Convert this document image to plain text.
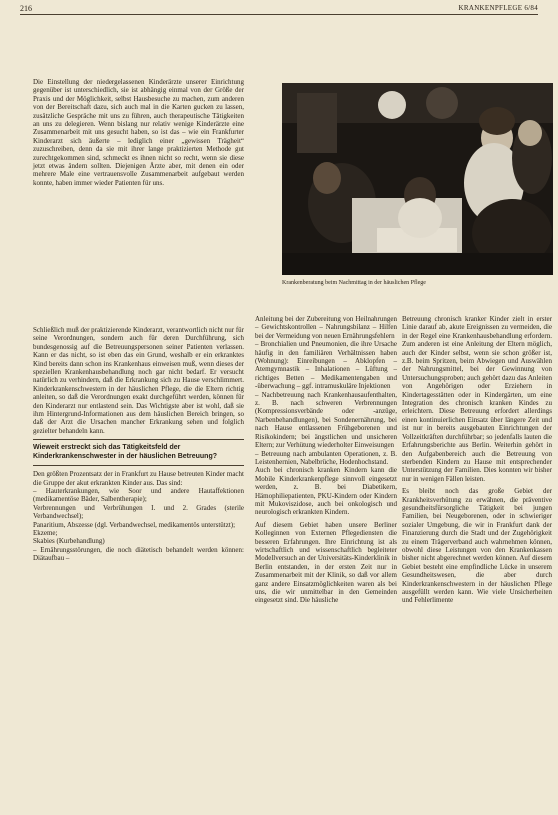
216	KRANKENPFLEGE 6/84

Die Einstellung der niedergelassenen Kinderärzte unserer Einrichtung gegenüber ist unterschiedlich, sie ist abhängig einmal von der Größe der Praxis und der Möglichkeit, selbst Hausbesuche zu machen, zum anderen von der Bereitschaft dazu, sich auch mal in die Karten gucken zu lassen, zusätzliche Gespräche mit uns zu führen, auch therapeutische Tätigkeiten an uns zu delegieren. Wenn bislang nur relativ wenige Kinderärzte eine Zusammenarbeit mit uns gesucht haben, so ist das – wie ein Frankfurter Kinderarzt sich äußerte – lediglich einer „gewissen Trägheit“ zuzuschreiben, denn da sie mit ihrer lange praktizierten Methode gut zurechtgekommen sind, schmeckt es ihnen nicht so recht, wenn sie diese jetzt etwas ändern sollten. Diejenigen Ärzte aber, mit denen ein oder mehrere Male eine vertrauensvolle Zusammenarbeit aufgebaut werden konnte, haben immer wieder Patienten für uns.

Krankenberatung beim Nachmittag in der häuslichen Pflege

Schließlich muß der praktizierende Kinderarzt, verantwortlich nicht nur für seine Verordnungen, sondern auch für deren Durchführung, sich bundesgenossig auf die Betreuungspersonen seiner Patienten verlassen. Kann er das nicht, so ist eben das ein Grund, weshalb er ein erkranktes Kind bereits dann schon ins Krankenhaus einweisen muß, wenn dieses der speziellen Krankenhausbehandlung noch gar nicht bedarf. Er versucht natürlich zu verhindern, daß die Erkrankung sich zu Hause verschlimmert. Kinderkrankenschwestern in der häuslichen Pflege, die die Eltern richtig anleiten, so daß die Verordnungen exakt durchgeführt werden, können für den Kinderarzt nur entlastend sein. Das Wichtigste aber ist wohl, daß sie ihm Hintergrund-Informationen aus dem häuslichen Bereich bringen, so daß der Arzt die Ursachen mancher Erkrankung sehen und folglich gezielter behandeln kann.

Wieweit erstreckt sich das Tätigkeitsfeld der Kinderkrankenschwester in der häuslichen Betreuung?

Den größten Prozentsatz der in Frankfurt zu Hause betreuten Kinder macht die Gruppe der akut erkrankten Kinder aus. Das sind:

– Hauterkrankungen, wie Soor und andere Hautaffektionen (medikamentöse Bäder, Salbentherapie);
Verbrennungen und Verbrühungen I. und 2. Grades (sterile Verbandwechsel);
Panaritium, Abszesse (dgl. Verbandwechsel, medikamentös unterstützt);
Ekzeme;
Skabies (Kurbehandlung)
– Ernährungsstörungen, die noch diätetisch behandelt werden können: Diätaufbau –

Anleitung bei der Zubereitung von Heilnahrungen – Gewichtskontrollen – Nahrungsbilanz – Hilfen bei der Vermeidung von neuen Ernährungsfehlern

– Bronchialien und Pneumonien, die ihre Ursache häufig in den familiären Verhältnissen haben (Wohnung): Einreibungen – Abklopfen – Atemgymnastik – Inhalationen – Lüftung – richtiges Betten – Medikamentengaben und -überwachung – ggf. intramuskuläre Injektionen

– Nachbetreuung nach Krankenhausaufenthalten, z. B. nach schweren Verbrennungen (Kompressionsverbände oder -anzüge, Narbenbehandlungen), bei Sondenernährung, bei nach Hause entlassenen Frühgeborenen und Risikokindern; bei ängstlichen und unsicheren Eltern; zur Verhütung wiederholter Einweisungen

– Betreuung nach ambulanten Operationen, z. B. Leistenhernien, Nabelbrüche, Hodenhochstand.

Auch bei chronisch kranken Kindern kann die Mobile Kinderkrankenpflege sinnvoll eingesetzt werden, z. B. bei Diabetikern, Hämophiliepatienten, PKU-Kindern oder Kindern mit Mukoviszidose, auch bei onkologisch und neurologisch erkrankten Kindern.

Auf diesem Gebiet haben unsere Berliner Kolleginnen von Externen Pflegediensten die besseren Erfahrungen. Ihre Einrichtung ist als wirtschaftlich und wissenschaftlich begleiteter Modellversuch an der Universitäts-Kinderklinik in Berlin entstanden, in der ersten Zeit nur in Zusammenarbeit mit der Klinik, so daß vor allem ganz andere Einsatzmöglichkeiten waren als bei uns, die wir unmittelbar in den Gemeinden eingesetzt sind. Die häusliche

Betreuung chronisch kranker Kinder zielt in erster Linie darauf ab, akute Ereignissen zu vermeiden, die in der Regel eine Krankenhausbehandlung erfordern. Zum anderen ist eine Anleitung der Eltern möglich, auch der Kinder selbst, wenn sie schon größer ist, z.B. beim Spritzen, beim Abwiegen und Auswählen der Nahrungsmittel, bei der Gewinnung von Untersuchungsproben; auch gehört dazu das Anleiten von Angehörigen oder Erziehern in Kindertagesstätten oder in Kindergärten, um eine Integration des chronisch kranken Kindes zu erleichtern. Diese Betreuung erfordert allerdings einen kontinuierlichen Einsatz über längere Zeit und ist nur in bereits ausgebauten Einrichtungen der Vollzeitkräften durchführbar; so jedenfalls lauten die Erfahrungsberichte aus Berlin. Weiterhin gehört in den Aufgabenbereich auch die Betreuung von sterbenden Kindern zu Hause mit entsprechender Unterstützung der Familien. Dies konnten wir bisher nur in wenigen Fällen leisten.

Es bleibt noch das große Gebiet der Krankheitsverhütung zu erwähnen, die präventive gesundheitsfürsorgliche Tätigkeit bei jungen Familien, bei Neugeborenen, oder in schwieriger sozialer Umgebung, die wir in Frankfurt dank der Finanzierung durch die Stadt und der Zugehörigkeit zu einem Trägerverband auch wahrnehmen können, obwohl diese Leistungen von den Krankenkassen bisher nicht abgerechnet werden können. Auf diesem Gebiet besteht eine empfindliche Lücke in unserem Gesundheitswesen, die aber durch Kinderkrankenschwestern in der häuslichen Pflege ausgefüllt werden kann. Wie viele Unsicherheiten und Fehlerlimente
